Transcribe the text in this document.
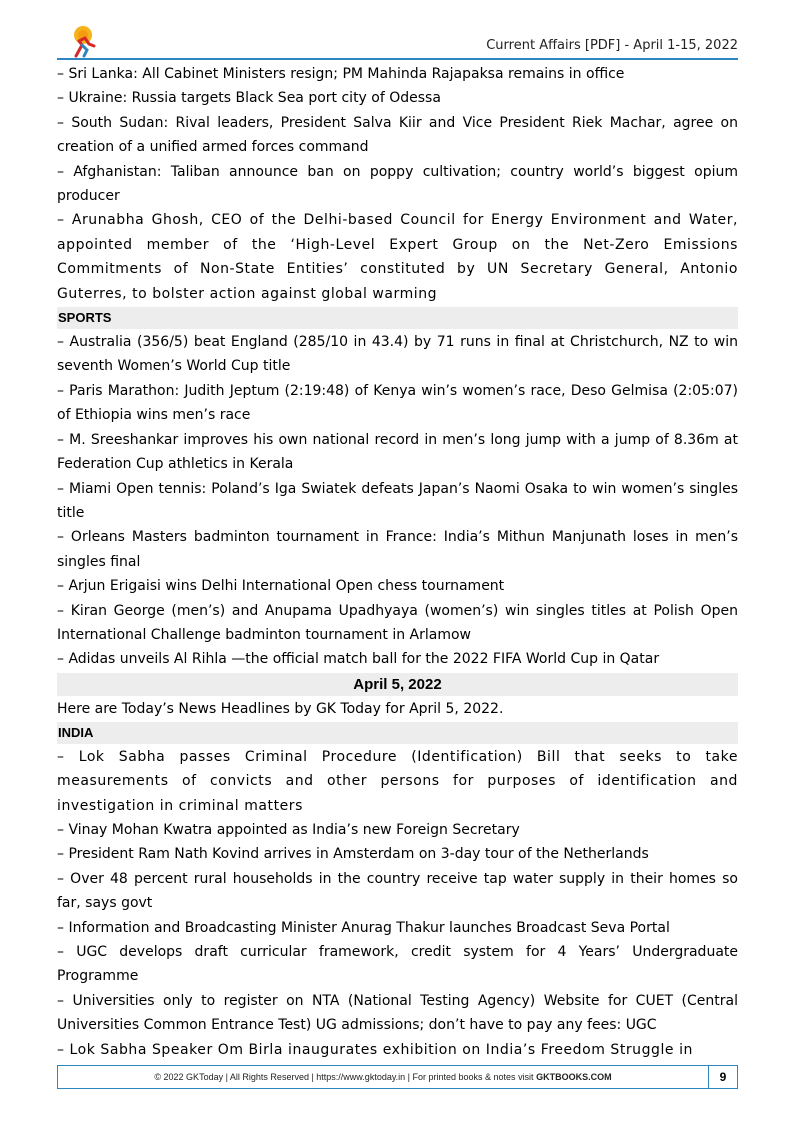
Current Affairs [PDF] - April 1-15, 2022

– Sri Lanka: All Cabinet Ministers resign; PM Mahinda Rajapaksa remains in office

– Ukraine: Russia targets Black Sea port city of Odessa

– South Sudan: Rival leaders, President Salva Kiir and Vice President Riek Machar, agree on creation of a unified armed forces command

– Afghanistan: Taliban announce ban on poppy cultivation; country world’s biggest opium producer

– Arunabha Ghosh, CEO of the Delhi-based Council for Energy Environment and Water, appointed member of the ‘High-Level Expert Group on the Net-Zero Emissions Commitments of Non-State Entities’ constituted by UN Secretary General, Antonio Guterres, to bolster action against global warming

SPORTS

– Australia (356/5) beat England (285/10 in 43.4) by 71 runs in final at Christchurch, NZ to win seventh Women’s World Cup title

– Paris Marathon: Judith Jeptum (2:19:48) of Kenya win’s women’s race, Deso Gelmisa (2:05:07) of Ethiopia wins men’s race

– M. Sreeshankar improves his own national record in men’s long jump with a jump of 8.36m at Federation Cup athletics in Kerala

– Miami Open tennis: Poland’s Iga Swiatek defeats Japan’s Naomi Osaka to win women’s singles title

– Orleans Masters badminton tournament in France: India’s Mithun Manjunath loses in men’s singles final

– Arjun Erigaisi wins Delhi International Open chess tournament

– Kiran George (men’s) and Anupama Upadhyaya (women’s) win singles titles at Polish Open International Challenge badminton tournament in Arlamow

– Adidas unveils Al Rihla —the official match ball for the 2022 FIFA World Cup in Qatar

April 5, 2022

Here are Today’s News Headlines by GK Today for April 5, 2022.

INDIA

– Lok Sabha passes Criminal Procedure (Identification) Bill that seeks to take measurements of convicts and other persons for purposes of identification and investigation in criminal matters

– Vinay Mohan Kwatra appointed as India’s new Foreign Secretary

– President Ram Nath Kovind arrives in Amsterdam on 3-day tour of the Netherlands

– Over 48 percent rural households in the country receive tap water supply in their homes so far, says govt

– Information and Broadcasting Minister Anurag Thakur launches Broadcast Seva Portal

– UGC develops draft curricular framework, credit system for 4 Years’ Undergraduate Programme

– Universities only to register on NTA (National Testing Agency) Website for CUET (Central Universities Common Entrance Test) UG admissions; don’t have to pay any fees: UGC

– Lok Sabha Speaker Om Birla inaugurates exhibition on India’s Freedom Struggle in

© 2022 GKToday | All Rights Reserved | https://www.gktoday.in | For printed books & notes visit GKTBOOKS.COM	9
